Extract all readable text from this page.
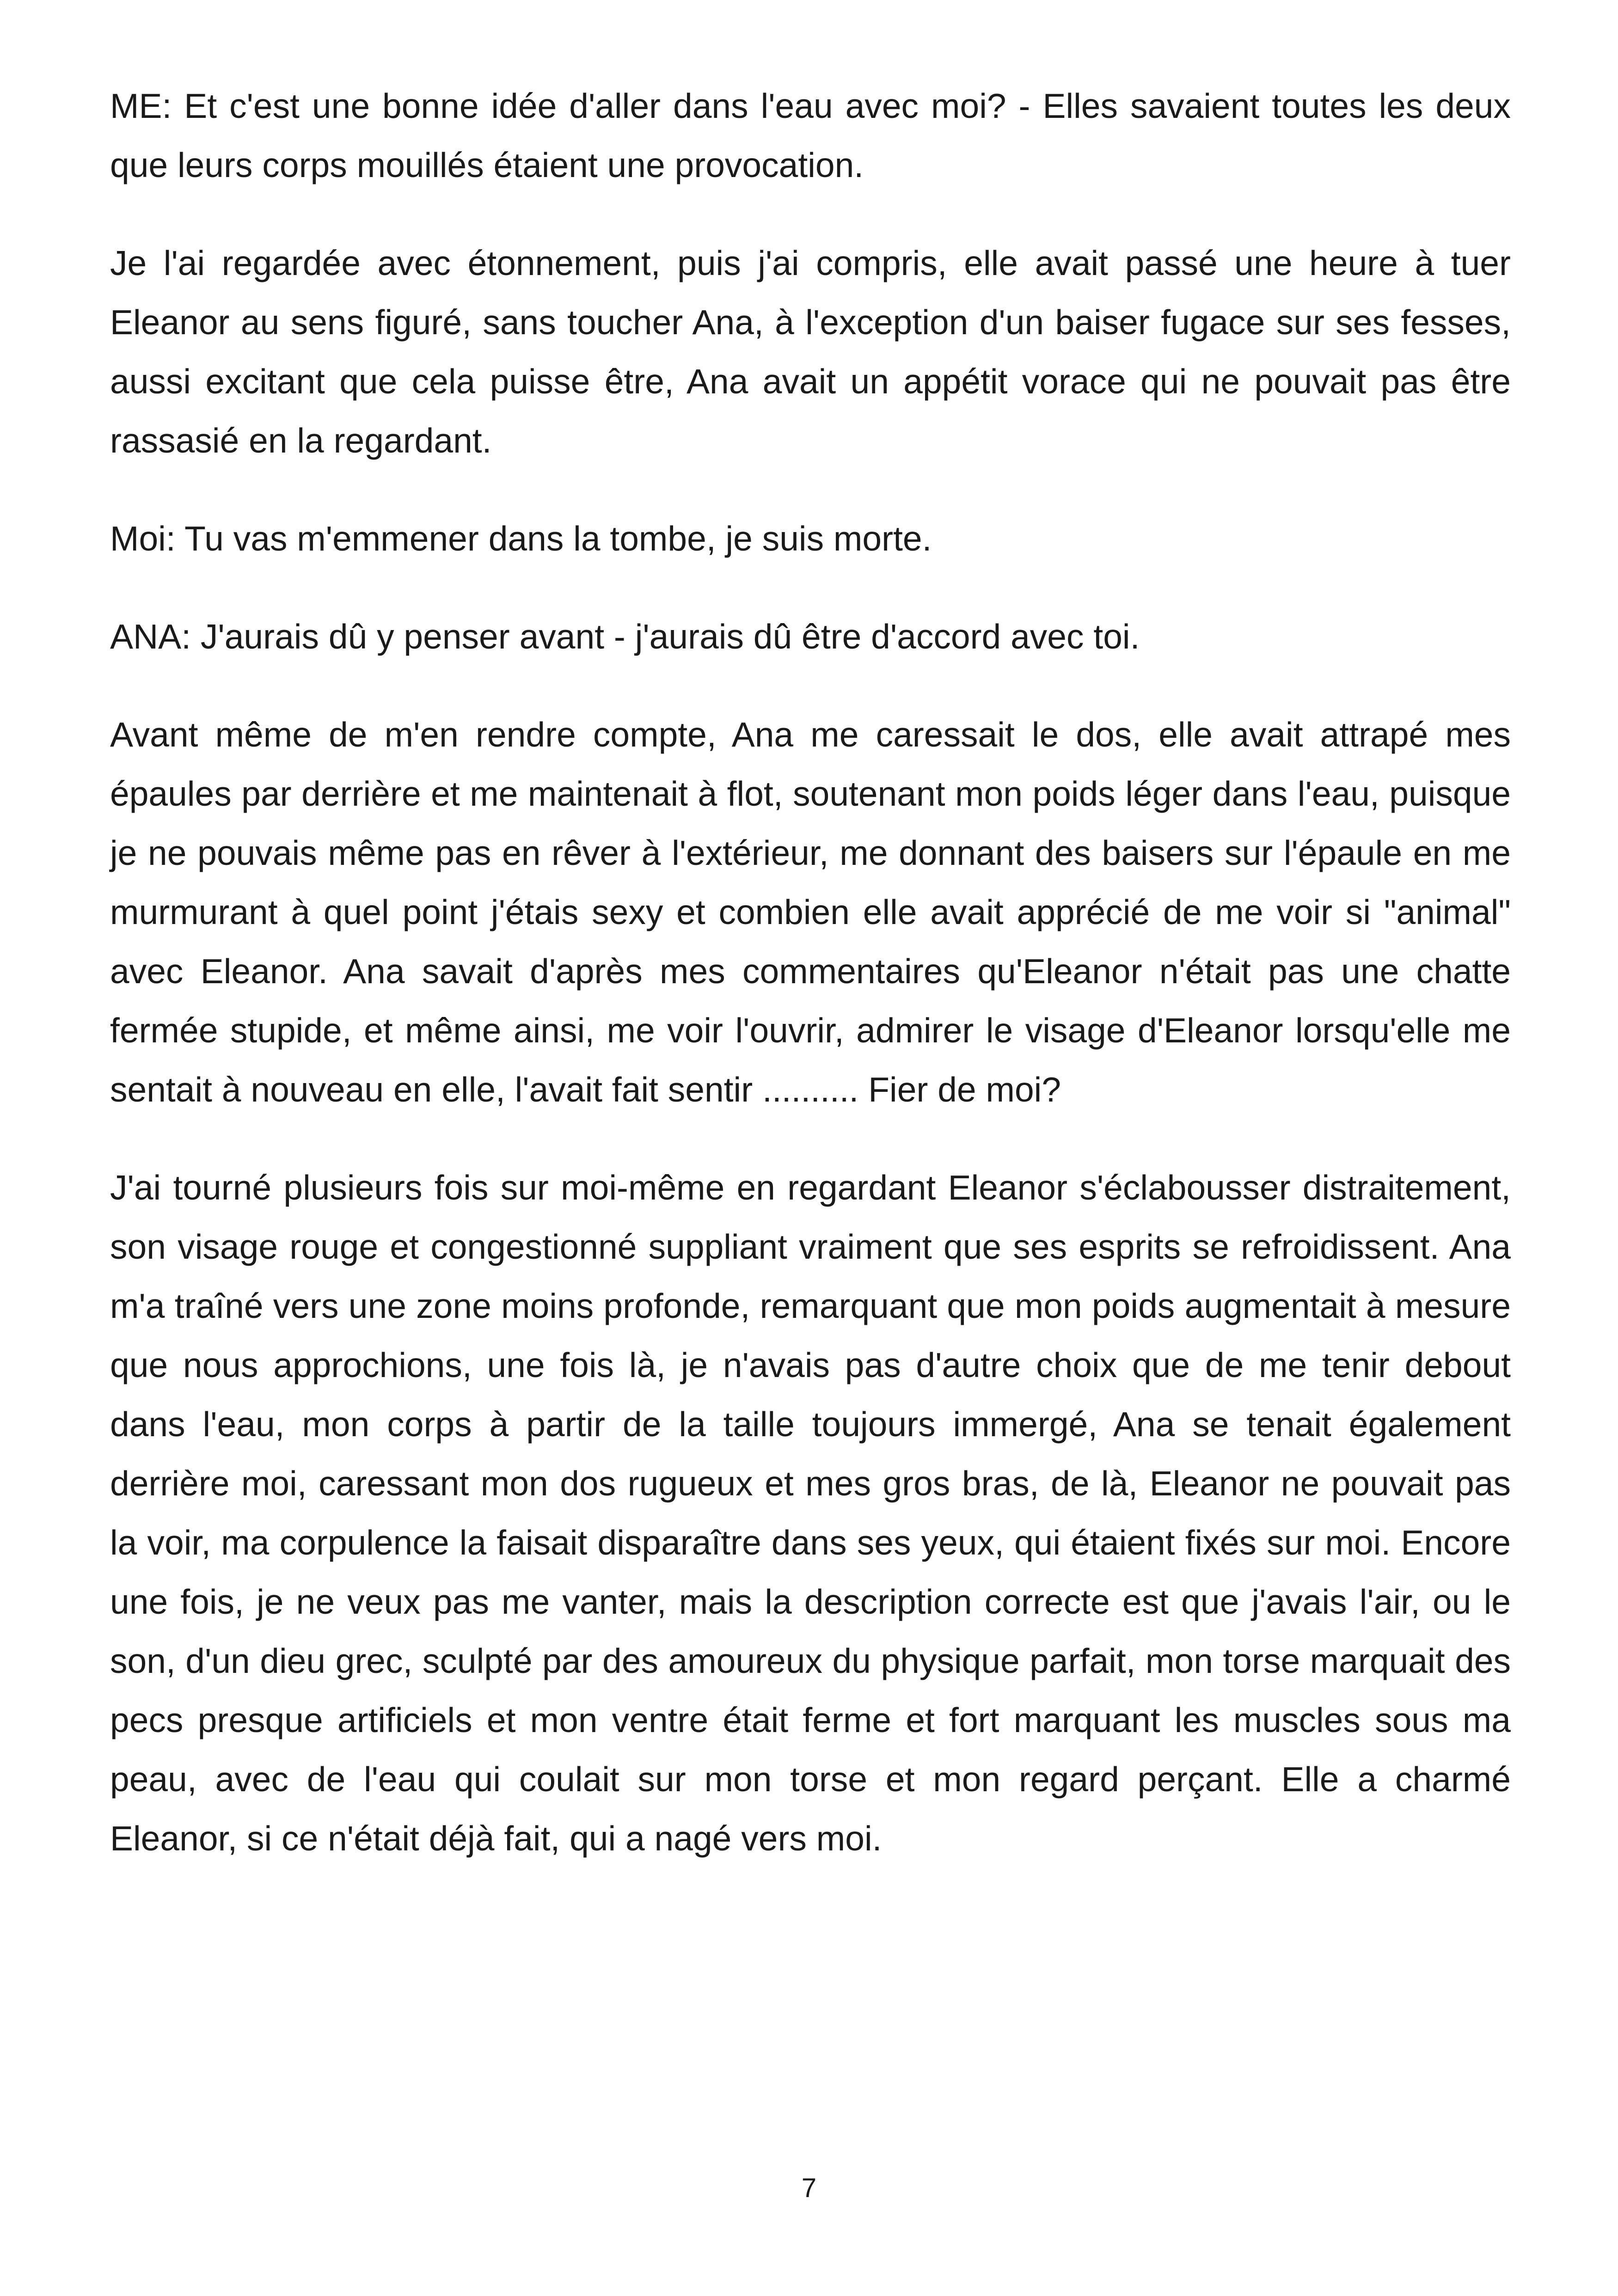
ME: Et c'est une bonne idée d'aller dans l'eau avec moi? - Elles savaient toutes les deux que leurs corps mouillés étaient une provocation.

Je l'ai regardée avec étonnement, puis j'ai compris, elle avait passé une heure à tuer Eleanor au sens figuré, sans toucher Ana, à l'exception d'un baiser fugace sur ses fesses, aussi excitant que cela puisse être, Ana avait un appétit vorace qui ne pouvait pas être rassasié en la regardant.

Moi: Tu vas m'emmener dans la tombe, je suis morte.

ANA: J'aurais dû y penser avant - j'aurais dû être d'accord avec toi.

Avant même de m'en rendre compte, Ana me caressait le dos, elle avait attrapé mes épaules par derrière et me maintenait à flot, soutenant mon poids léger dans l'eau, puisque je ne pouvais même pas en rêver à l'extérieur, me donnant des baisers sur l'épaule en me murmurant à quel point j'étais sexy et combien elle avait apprécié de me voir si "animal" avec Eleanor. Ana savait d'après mes commentaires qu'Eleanor n'était pas une chatte fermée stupide, et même ainsi, me voir l'ouvrir, admirer le visage d'Eleanor lorsqu'elle me sentait à nouveau en elle, l'avait fait sentir .......... Fier de moi?

J'ai tourné plusieurs fois sur moi-même en regardant Eleanor s'éclabousser distraitement, son visage rouge et congestionné suppliant vraiment que ses esprits se refroidissent. Ana m'a traîné vers une zone moins profonde, remarquant que mon poids augmentait à mesure que nous approchions, une fois là, je n'avais pas d'autre choix que de me tenir debout dans l'eau, mon corps à partir de la taille toujours immergé, Ana se tenait également derrière moi, caressant mon dos rugueux et mes gros bras, de là, Eleanor ne pouvait pas la voir, ma corpulence la faisait disparaître dans ses yeux, qui étaient fixés sur moi. Encore une fois, je ne veux pas me vanter, mais la description correcte est que j'avais l'air, ou le son, d'un dieu grec, sculpté par des amoureux du physique parfait, mon torse marquait des pecs presque artificiels et mon ventre était ferme et fort marquant les muscles sous ma peau, avec de l'eau qui coulait sur mon torse et mon regard perçant. Elle a charmé Eleanor, si ce n'était déjà fait, qui a nagé vers moi.

7
